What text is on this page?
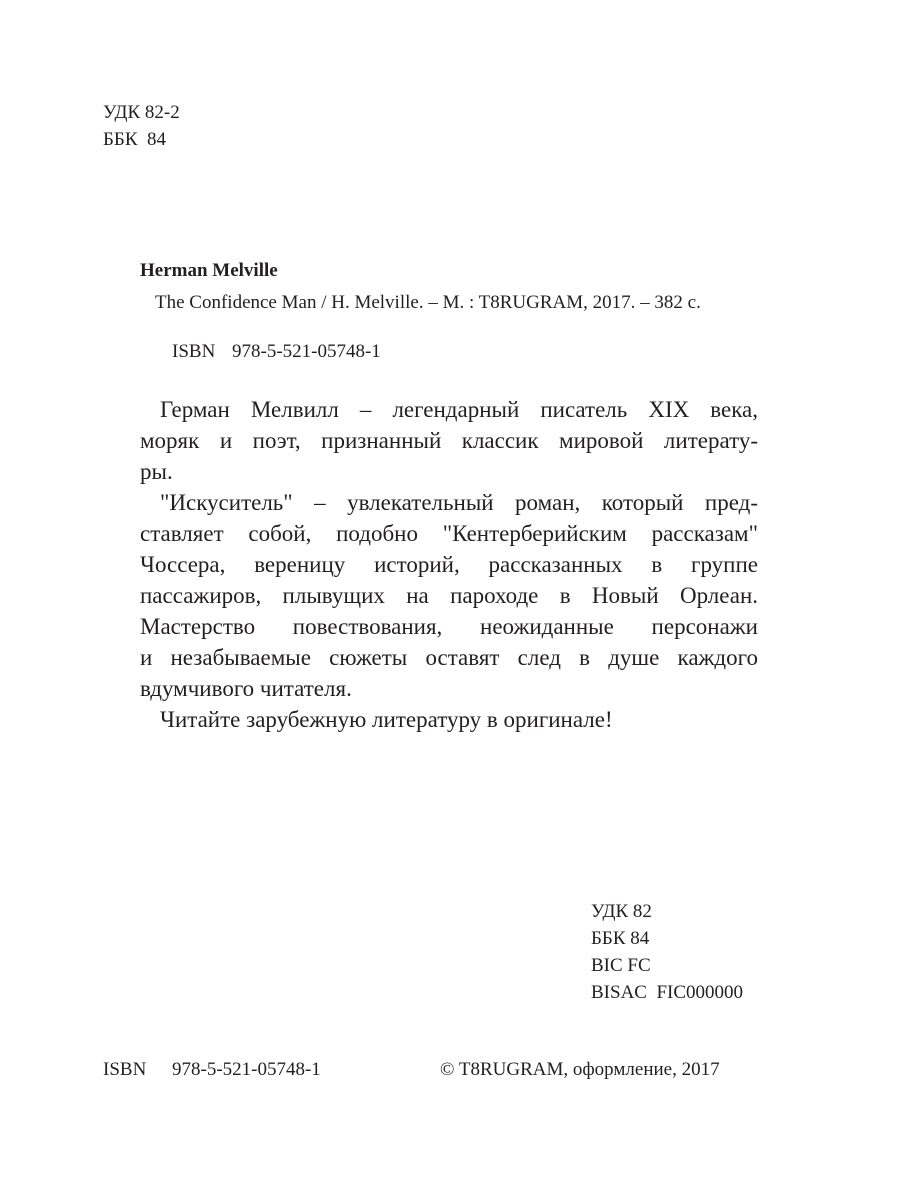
УДК 82-2
ББК  84
Herman Melville
The Confidence Man / H. Melville. – M. : T8RUGRAM, 2017. – 382 c.
ISBN 978-5-521-05748-1
Герман Мелвилл – легендарный писатель XIX века,
моряк и поэт, признанный классик мировой литерату-
ры.
"Искуситель" – увлекательный роман, который пред-
ставляет собой, подобно "Кентерберийским рассказам"
Чоссера, вереницу историй, рассказанных в группе
пассажиров, плывущих на пароходе в Новый Орлеан.
Мастерство повествования, неожиданные персонажи
и незабываемые сюжеты оставят след в душе каждого
вдумчивого читателя.
Читайте зарубежную литературу в оригинале!
УДК 82
ББК 84
BIC FC
BISAC  FIC000000
ISBN 978-5-521-05748-1	© T8RUGRAM, оформление, 2017
